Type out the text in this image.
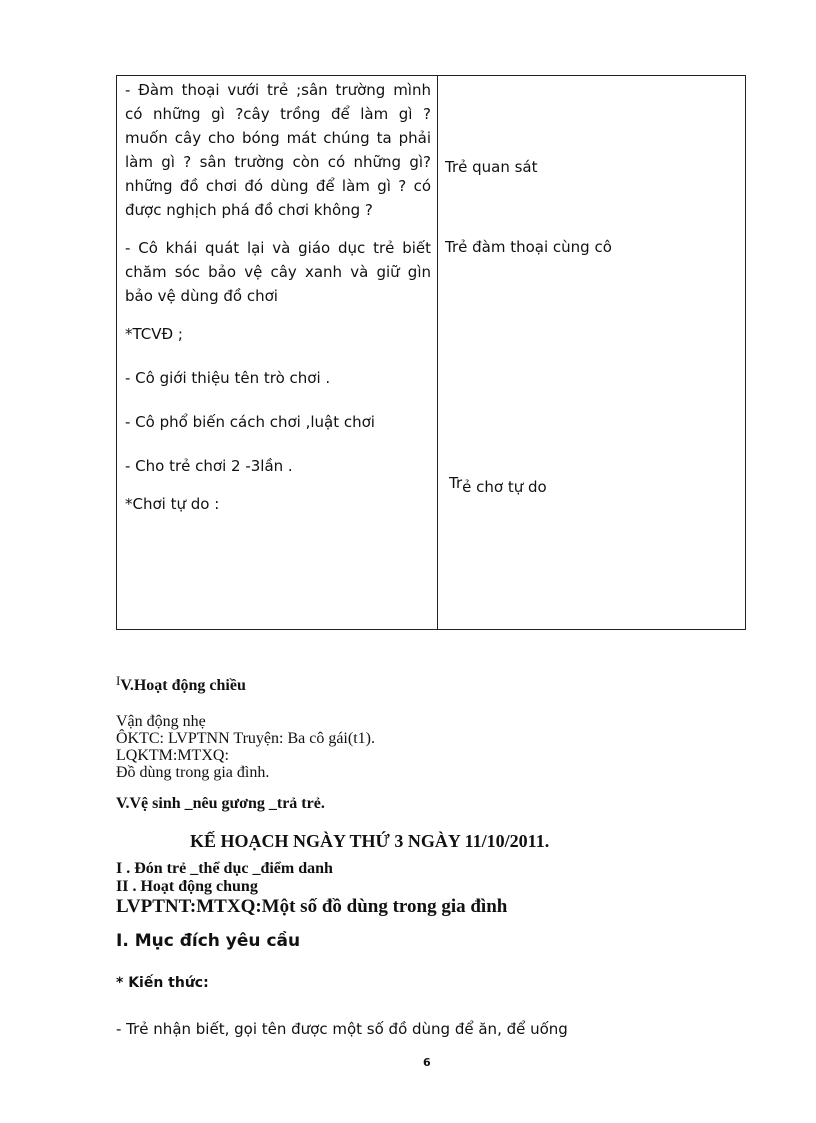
- Đàm thoại vưới trẻ ;sân trường mình có những gì ?cây trồng để làm gì ? muốn cây cho bóng mát chúng ta phải làm gì ? sân trường còn có những gì? những đồ chơi đó dùng để làm gì ? có được nghịch phá đồ chơi không ?

- Cô khái quát lại và giáo dục trẻ biết chăm sóc bảo vệ cây xanh và giữ gìn bảo vệ dùng đồ chơi

*TCVĐ ;

- Cô giới thiệu tên trò chơi .

- Cô phổ biến cách chơi ,luật chơi

- Cho trẻ chơi 2 -3lần .

*Chơi tự do :

Trẻ quan sát
Trẻ đàm thoại cùng cô
Trẻ chơ tự do
$^I$V.Hoạt động chiều
Vận động nhẹ
ÔKTC: LVPTNN Truyện: Ba cô gái(t1).
LQKTM:MTXQ:
Đồ dùng trong gia đình.
V.Vệ sinh _nêu gương _trả trẻ.
KẾ HOẠCH NGÀY THỨ 3 NGÀY 11/10/2011.
I . Đón trẻ _thể dục _điểm danh
II . Hoạt động chung
LVPTNT:MTXQ:Một số đồ dùng trong gia đình
I. Mục đích yêu cầu
* Kiến thức:
- Trẻ nhận biết, gọi tên được một số đồ dùng để ăn, để uống
6
